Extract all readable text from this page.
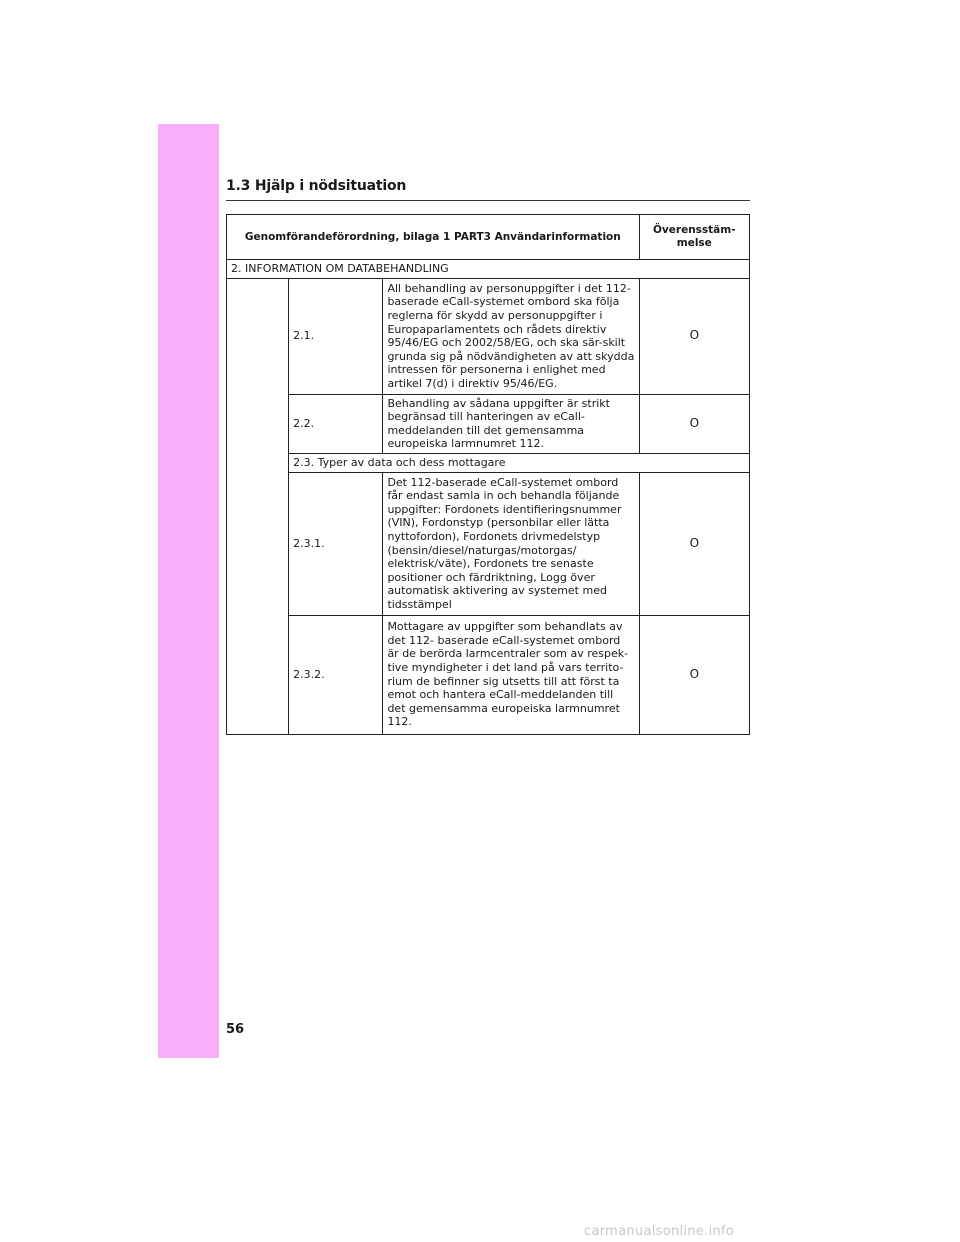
1.3 Hjälp i nödsituation
Genomförandeförordning, bilaga 1 PART3 Användarinformation			Överensstäm-
melse
2. INFORMATION OM DATABEHANDLING			
	2.1.	All behandling av personuppgifter i det 112-baserade eCall-systemet ombord ska följa reglerna för skydd av personuppgifter i Europaparlamentets och rådets direktiv 95/46/EG och 2002/58/EG, och ska sär-skilt grunda sig på nödvändigheten av att skydda intressen för personerna i enlighet med artikel 7(d) i direktiv 95/46/EG.	O
	2.2.	Behandling av sådana uppgifter är strikt begränsad till hanteringen av eCall-meddelanden till det gemensamma europeiska larmnumret 112.	O
	2.3. Typer av data och dess mottagare		
	2.3.1.	Det 112-baserade eCall-systemet ombord får endast samla in och behandla följande uppgifter: Fordonets identifieringsnummer (VIN), Fordonstyp (personbilar eller lätta nyttofordon), Fordonets drivmedelstyp (bensin/diesel/naturgas/motorgas/ elektrisk/väte), Fordonets tre senaste positioner och färdriktning, Logg över automatisk aktivering av systemet med tidsstämpel	O
	2.3.2.	Mottagare av uppgifter som behandlats av det 112- baserade eCall-systemet ombord är de berörda larmcentraler som av respek-tive myndigheter i det land på vars territo-rium de befinner sig utsetts till att först ta emot och hantera eCall-meddelanden till det gemensamma europeiska larmnumret 112.	O
56
carmanualsonline.info
